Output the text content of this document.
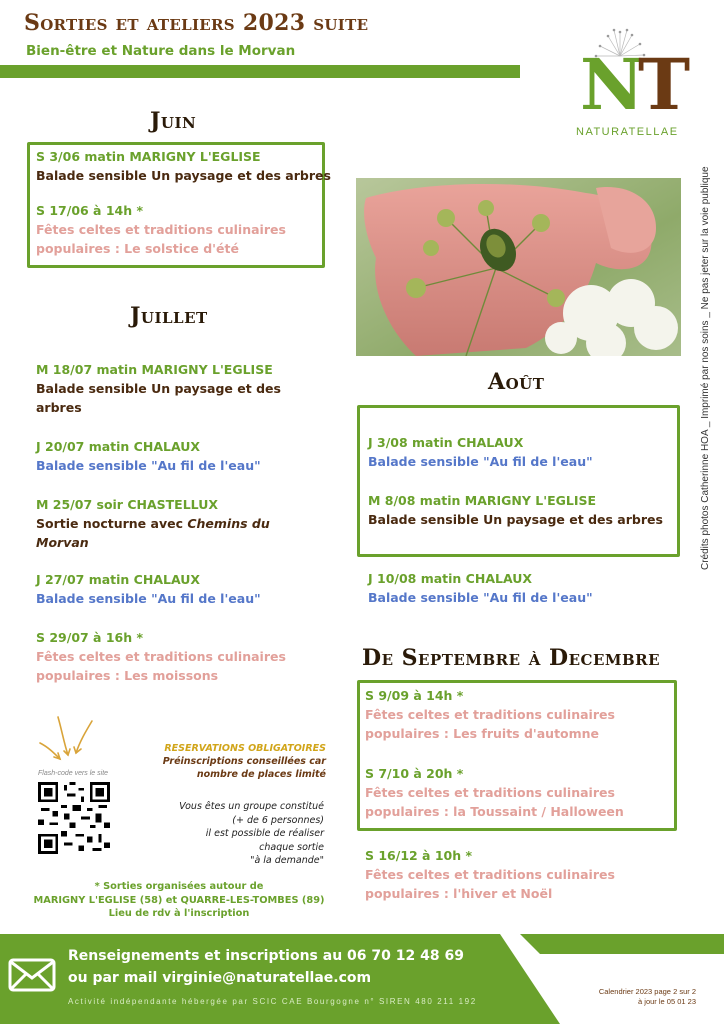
Sorties et ateliers 2023 suite
Bien-être et Nature dans le Morvan	NT
NATURATELLAE
Crédits photos Catherinne HOA _ Imprimé par nos soins _ Ne pas jeter sur la voie publique
Juin
S 3/06 matin MARIGNY L'EGLISE
Balade sensible Un paysage et des arbres
S 17/06 à 14h *
Fêtes celtes et traditions culinaires
populaires : Le solstice d'été
Juillet
M 18/07 matin MARIGNY L'EGLISE
Balade sensible Un paysage et des
arbres
J 20/07 matin CHALAUX
Balade sensible "Au fil de l'eau"
M 25/07 soir CHASTELLUX
Sortie nocturne avec Chemins du
Morvan
J 27/07 matin CHALAUX
Balade sensible "Au fil de l'eau"
S 29/07 à 16h *
Fêtes celtes et traditions culinaires
populaires : Les moissons
Août
J 3/08 matin CHALAUX
Balade sensible "Au fil de l'eau"
M 8/08 matin MARIGNY L'EGLISE
Balade sensible Un paysage et des arbres
J 10/08 matin CHALAUX
Balade sensible "Au fil de l'eau"
De Septembre à Decembre
S 9/09 à 14h *
Fêtes celtes et traditions culinaires
populaires : Les fruits d'automne
S 7/10 à 20h *
Fêtes celtes et traditions culinaires
populaires : la Toussaint / Halloween
S 16/12 à 10h *
Fêtes celtes et traditions culinaires
populaires : l'hiver et Noël
Flash-code vers le site
RESERVATIONS OBLIGATOIRES
Préinscriptions conseillées car
nombre de places limité
Vous êtes un groupe constitué
(+ de 6 personnes)
il est possible de réaliser
chaque sortie
"à la demande"
* Sorties organisées autour de
MARIGNY L'EGLISE (58) et QUARRE-LES-TOMBES (89)
Lieu de rdv à l'inscription
Renseignements et inscriptions au 06 70 12 48 69
ou par mail virginie@naturatellae.com
Activité indépendante hébergée par SCIC CAE Bourgogne n° SIREN 480 211 192
Calendrier 2023 page 2 sur 2
à jour le 05 01 23
